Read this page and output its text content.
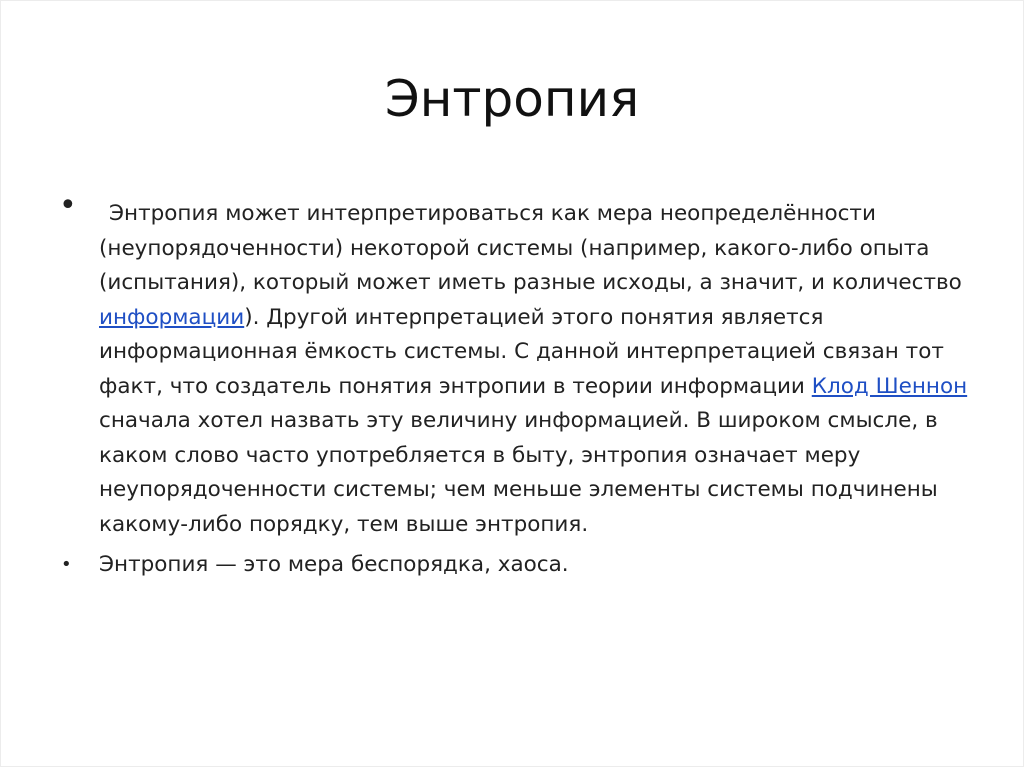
Энтропия
• Энтропия может интерпретироваться как мера неопределённости (неупорядоченности) некоторой системы (например, какого-либо опыта (испытания), который может иметь разные исходы, а значит, и количество информации). Другой интерпретацией этого понятия является информационная ёмкость системы. С данной интерпретацией связан тот факт, что создатель понятия энтропии в теории информации Клод Шеннон сначала хотел назвать эту величину информацией. В широком смысле, в каком слово часто употребляется в быту, энтропия означает меру неупорядоченности системы; чем меньше элементы системы подчинены какому-либо порядку, тем выше энтропия.
• Энтропия — это мера беспорядка, хаоса.
